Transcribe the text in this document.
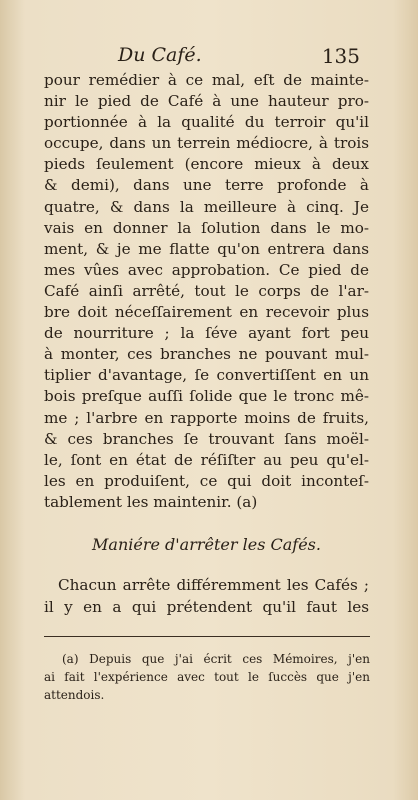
Du Café.	135
pour remédier à ce mal, eſt de mainte-
nir le pied de Café à une hauteur pro-
portionnée à la qualité du terroir qu'il
occupe, dans un terrein médiocre, à trois
pieds ſeulement (encore mieux à deux
& demi), dans une terre profonde à
quatre, & dans la meilleure à cinq. Je
vais en donner la ſolution dans le mo-
ment, & je me flatte qu'on entrera dans
mes vûes avec approbation. Ce pied de
Café ainſi arrêté, tout le corps de l'ar-
bre doit néceſſairement en recevoir plus
de nourriture ; la ſéve ayant fort peu
à monter, ces branches ne pouvant mul-
tiplier d'avantage, ſe convertiſſent en un
bois preſque auſſi ſolide que le tronc mê-
me ; l'arbre en rapporte moins de fruits,
& ces branches ſe trouvant ſans moël-
le, ſont en état de réſiſter au peu qu'el-
les en produiſent, ce qui doit inconteſ-
tablement les maintenir. (a)
Maniére d'arrêter les Cafés.
Chacun arrête différemment les Cafés ;
il y en a qui prétendent qu'il faut les
(a) Depuis que j'ai écrit ces Mémoires, j'en
ai fait l'expérience avec tout le ſuccès que j'en
attendois.
